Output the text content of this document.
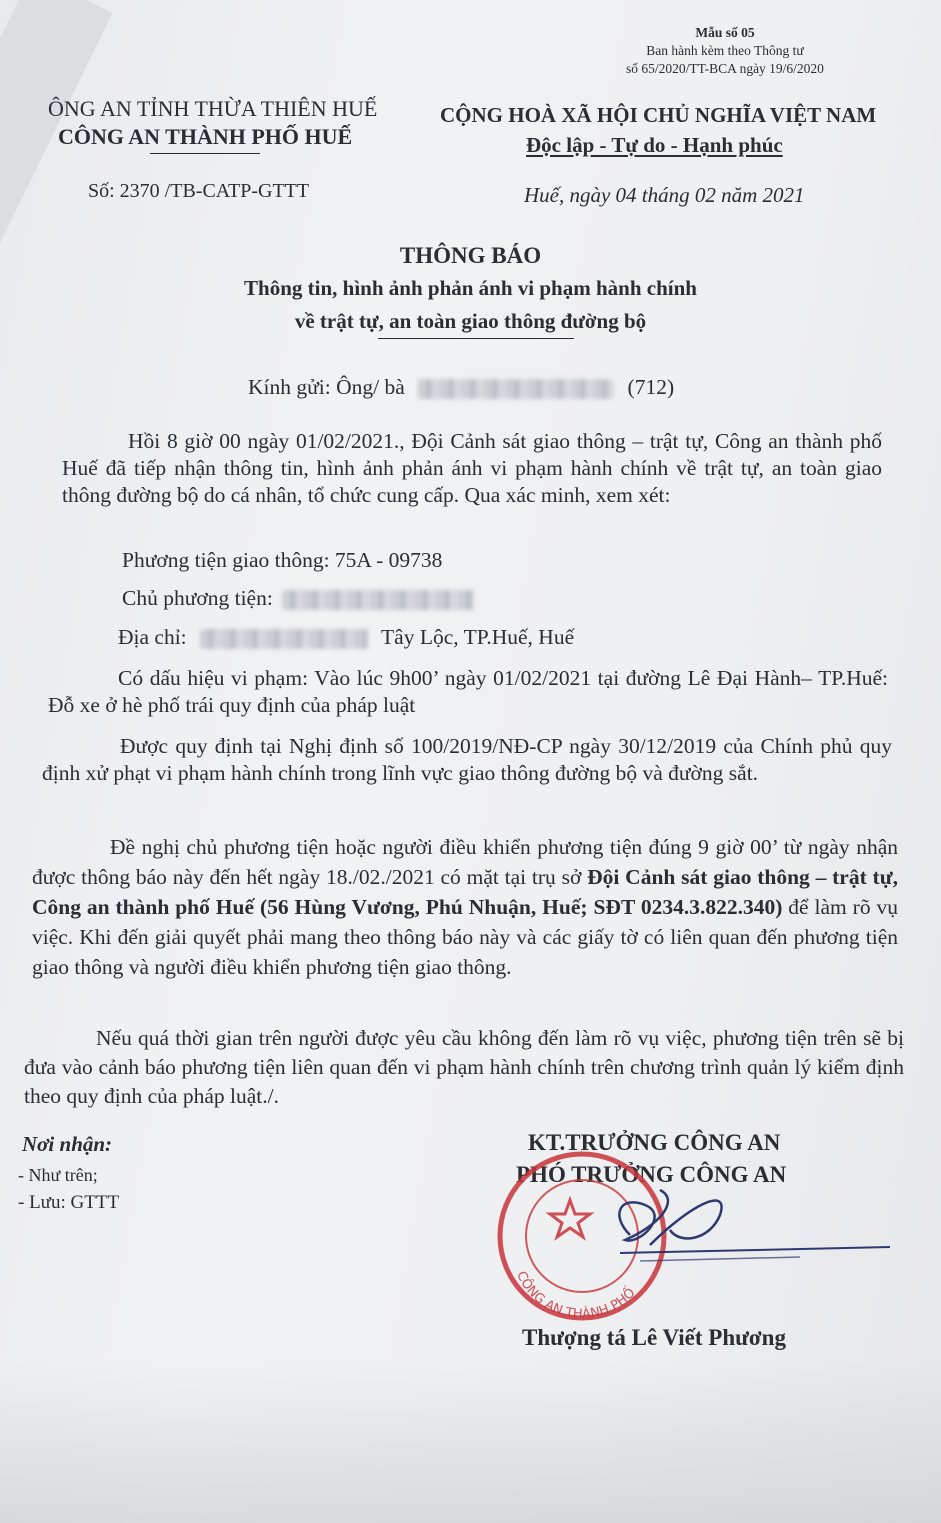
Mẫu số 05
Ban hành kèm theo Thông tư
số 65/2020/TT-BCA ngày 19/6/2020
ÔNG AN TỈNH THỪA THIÊN HUẾ
CÔNG AN THÀNH PHỐ HUẾ
Số: 2370 /TB-CATP-GTTT
CỘNG HOÀ XÃ HỘI CHỦ NGHĨA VIỆT NAM
Độc lập - Tự do - Hạnh phúc
Huế, ngày 04 tháng 02 năm 2021
THÔNG BÁO
Thông tin, hình ảnh phản ánh vi phạm hành chính
về trật tự, an toàn giao thông đường bộ
Kính gửi: Ông/ bà	(712)
Hồi 8 giờ 00 ngày 01/02/2021., Đội Cảnh sát giao thông – trật tự, Công an thành phố Huế đã tiếp nhận thông tin, hình ảnh phản ánh vi phạm hành chính về trật tự, an toàn giao thông đường bộ do cá nhân, tổ chức cung cấp. Qua xác minh, xem xét:
Phương tiện giao thông: 75A - 09738
Chủ phương tiện:
Địa chỉ:	Tây Lộc, TP.Huế, Huế
Có dấu hiệu vi phạm: Vào lúc 9h00’ ngày 01/02/2021 tại đường Lê Đại Hành– TP.Huế: Đỗ xe ở hè phố trái quy định của pháp luật
Được quy định tại Nghị định số 100/2019/NĐ-CP ngày 30/12/2019 của Chính phủ quy định xử phạt vi phạm hành chính trong lĩnh vực giao thông đường bộ và đường sắt.
Đề nghị chủ phương tiện hoặc người điều khiển phương tiện đúng 9 giờ 00’ từ ngày nhận được thông báo này đến hết ngày 18./02./2021 có mặt tại trụ sở Đội Cảnh sát giao thông – trật tự, Công an thành phố Huế (56 Hùng Vương, Phú Nhuận, Huế; SĐT 0234.3.822.340) để làm rõ vụ việc. Khi đến giải quyết phải mang theo thông báo này và các giấy tờ có liên quan đến phương tiện giao thông và người điều khiển phương tiện giao thông.
Nếu quá thời gian trên người được yêu cầu không đến làm rõ vụ việc, phương tiện trên sẽ bị đưa vào cảnh báo phương tiện liên quan đến vi phạm hành chính trên chương trình quản lý kiểm định theo quy định của pháp luật./.
Nơi nhận:
- Như trên;
- Lưu: GTTT
KT.TRƯỞNG CÔNG AN
PHÓ TRƯỞNG CÔNG AN
CÔNG AN THÀNH PHỐ
Thượng tá Lê Viết Phương
